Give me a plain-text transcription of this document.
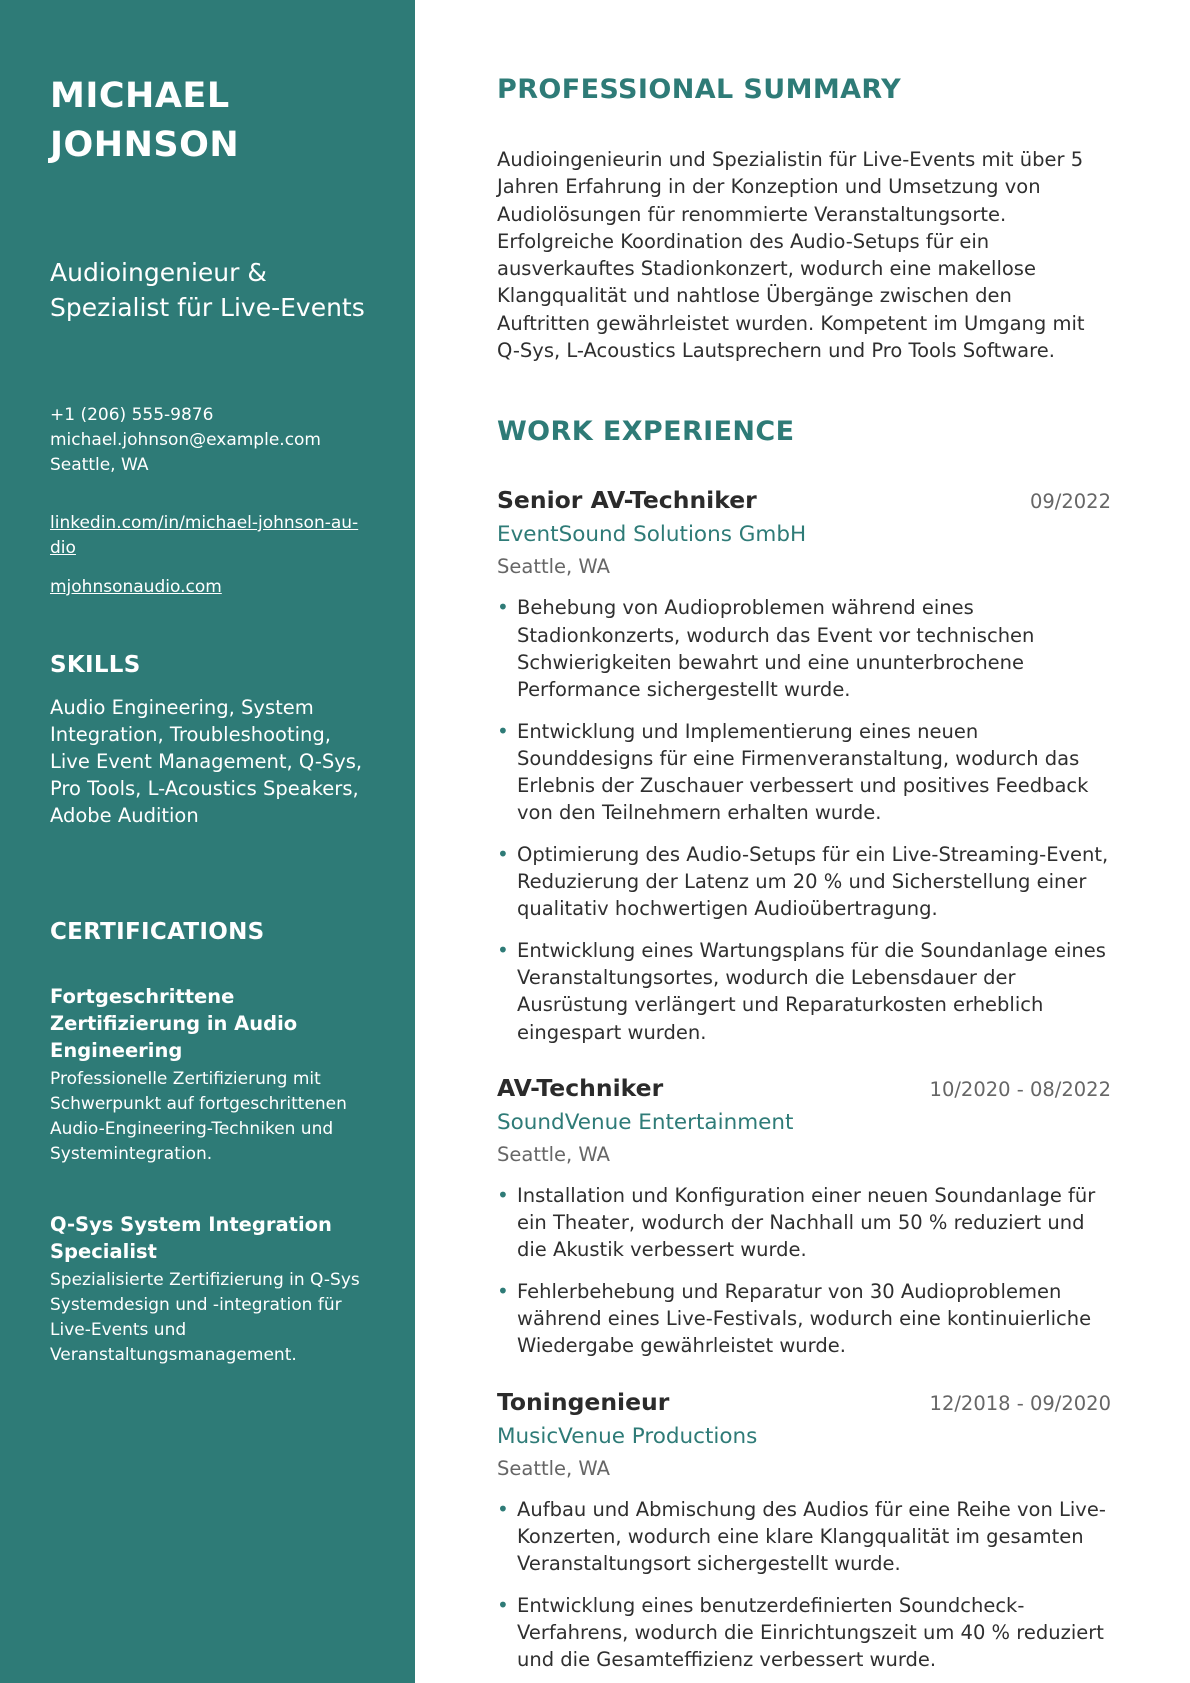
MICHAEL JOHNSON
Audioingenieur & Spezialist für Live-Events
+1 (206) 555-9876
michael.johnson@example.com
Seattle, WA
linkedin.com/in/michael-johnson-au-dio
mjohnsonaudio.com
SKILLS
Audio Engineering, System Integration, Troubleshooting, Live Event Management, Q-Sys, Pro Tools, L-Acoustics Speakers, Adobe Audition
CERTIFICATIONS
Fortgeschrittene Zertifizierung in Audio Engineering
Professionelle Zertifizierung mit Schwerpunkt auf fortgeschrittenen Audio-Engineering-Techniken und Systemintegration.
Q-Sys System Integration Specialist
Spezialisierte Zertifizierung in Q-Sys Systemdesign und -integration für Live-Events und Veranstaltungsmanagement.
PROFESSIONAL SUMMARY

Audioingenieurin und Spezialistin für Live-Events mit über 5 Jahren Erfahrung in der Konzeption und Umsetzung von Audiolösungen für renommierte Veranstaltungsorte. Erfolgreiche Koordination des Audio-Setups für ein ausverkauftes Stadionkonzert, wodurch eine makellose Klangqualität und nahtlose Übergänge zwischen den Auftritten gewährleistet wurden. Kompetent im Umgang mit Q-Sys, L-Acoustics Lautsprechern und Pro Tools Software.

WORK EXPERIENCE
Senior AV-Techniker	09/2022
EventSound Solutions GmbH
Seattle, WA
• Behebung von Audioproblemen während eines Stadionkonzerts, wodurch das Event vor technischen Schwierigkeiten bewahrt und eine ununterbrochene Performance sichergestellt wurde.
• Entwicklung und Implementierung eines neuen Sounddesigns für eine Firmenveranstaltung, wodurch das Erlebnis der Zuschauer verbessert und positives Feedback von den Teilnehmern erhalten wurde.
• Optimierung des Audio-Setups für ein Live-Streaming-Event, Reduzierung der Latenz um 20 % und Sicherstellung einer qualitativ hochwertigen Audioübertragung.
• Entwicklung eines Wartungsplans für die Soundanlage eines Veranstaltungsortes, wodurch die Lebensdauer der Ausrüstung verlängert und Reparaturkosten erheblich eingespart wurden.
AV-Techniker	10/2020 - 08/2022
SoundVenue Entertainment
Seattle, WA
• Installation und Konfiguration einer neuen Soundanlage für ein Theater, wodurch der Nachhall um 50 % reduziert und die Akustik verbessert wurde.
• Fehlerbehebung und Reparatur von 30 Audioproblemen während eines Live-Festivals, wodurch eine kontinuierliche Wiedergabe gewährleistet wurde.
Toningenieur	12/2018 - 09/2020
MusicVenue Productions
Seattle, WA
• Aufbau und Abmischung des Audios für eine Reihe von Live-Konzerten, wodurch eine klare Klangqualität im gesamten Veranstaltungsort sichergestellt wurde.
• Entwicklung eines benutzerdefinierten Soundcheck-Verfahrens, wodurch die Einrichtungszeit um 40 % reduziert und die Gesamteffizienz verbessert wurde.
